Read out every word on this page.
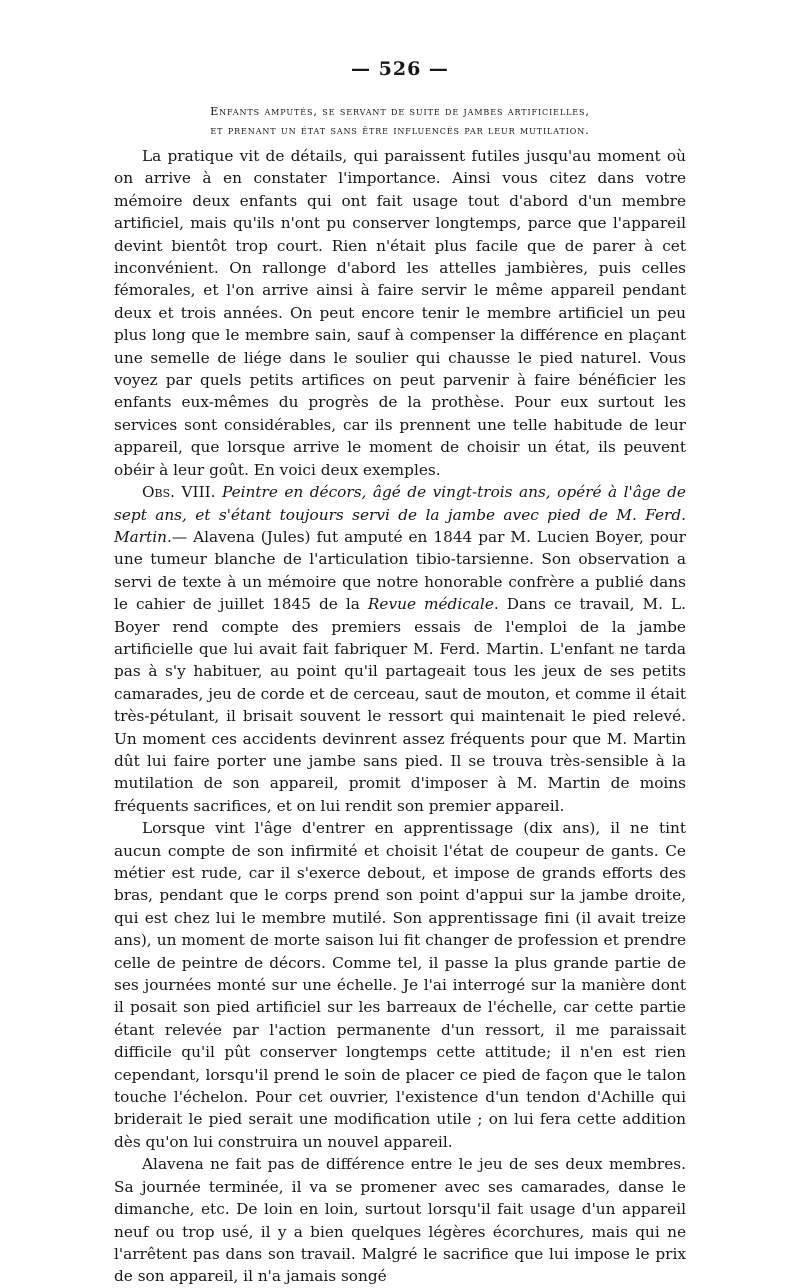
— 526 —
Enfants amputés, se servant de suite de jambes artificielles,
et prenant un état sans être influencés par leur mutilation.

La pratique vit de détails, qui paraissent futiles jusqu'au moment où on arrive à en constater l'importance. Ainsi vous citez dans votre mémoire deux enfants qui ont fait usage tout d'abord d'un membre artificiel, mais qu'ils n'ont pu conserver longtemps, parce que l'appareil devint bientôt trop court. Rien n'était plus facile que de parer à cet inconvénient. On rallonge d'abord les attelles jambières, puis celles fémorales, et l'on arrive ainsi à faire servir le même appareil pendant deux et trois années. On peut encore tenir le membre artificiel un peu plus long que le membre sain, sauf à compenser la différence en plaçant une semelle de liége dans le soulier qui chausse le pied naturel. Vous voyez par quels petits artifices on peut parvenir à faire bénéficier les enfants eux-mêmes du progrès de la prothèse. Pour eux surtout les services sont considérables, car ils prennent une telle habitude de leur appareil, que lorsque arrive le moment de choisir un état, ils peuvent obéir à leur goût. En voici deux exemples.

Obs. VIII. Peintre en décors, âgé de vingt-trois ans, opéré à l'âge de sept ans, et s'étant toujours servi de la jambe avec pied de M. Ferd. Martin.— Alavena (Jules) fut amputé en 1844 par M. Lucien Boyer, pour une tumeur blanche de l'articulation tibio-tarsienne. Son observation a servi de texte à un mémoire que notre honorable confrère a publié dans le cahier de juillet 1845 de la Revue médicale. Dans ce travail, M. L. Boyer rend compte des premiers essais de l'emploi de la jambe artificielle que lui avait fait fabriquer M. Ferd. Martin. L'enfant ne tarda pas à s'y habituer, au point qu'il partageait tous les jeux de ses petits camarades, jeu de corde et de cerceau, saut de mouton, et comme il était très-pétulant, il brisait souvent le ressort qui maintenait le pied relevé. Un moment ces accidents devinrent assez fréquents pour que M. Martin dût lui faire porter une jambe sans pied. Il se trouva très-sensible à la mutilation de son appareil, promit d'imposer à M. Martin de moins fréquents sacrifices, et on lui rendit son premier appareil.

Lorsque vint l'âge d'entrer en apprentissage (dix ans), il ne tint aucun compte de son infirmité et choisit l'état de coupeur de gants. Ce métier est rude, car il s'exerce debout, et impose de grands efforts des bras, pendant que le corps prend son point d'appui sur la jambe droite, qui est chez lui le membre mutilé. Son apprentissage fini (il avait treize ans), un moment de morte saison lui fit changer de profession et prendre celle de peintre de décors. Comme tel, il passe la plus grande partie de ses journées monté sur une échelle. Je l'ai interrogé sur la manière dont il posait son pied artificiel sur les barreaux de l'échelle, car cette partie étant relevée par l'action permanente d'un ressort, il me paraissait difficile qu'il pût conserver longtemps cette attitude; il n'en est rien cependant, lorsqu'il prend le soin de placer ce pied de façon que le talon touche l'échelon. Pour cet ouvrier, l'existence d'un tendon d'Achille qui briderait le pied serait une modification utile ; on lui fera cette addition dès qu'on lui construira un nouvel appareil.

Alavena ne fait pas de différence entre le jeu de ses deux membres. Sa journée terminée, il va se promener avec ses camarades, danse le dimanche, etc. De loin en loin, surtout lorsqu'il fait usage d'un appareil neuf ou trop usé, il y a bien quelques légères écorchures, mais qui ne l'arrêtent pas dans son travail. Malgré le sacrifice que lui impose le prix de son appareil, il n'a jamais songé
